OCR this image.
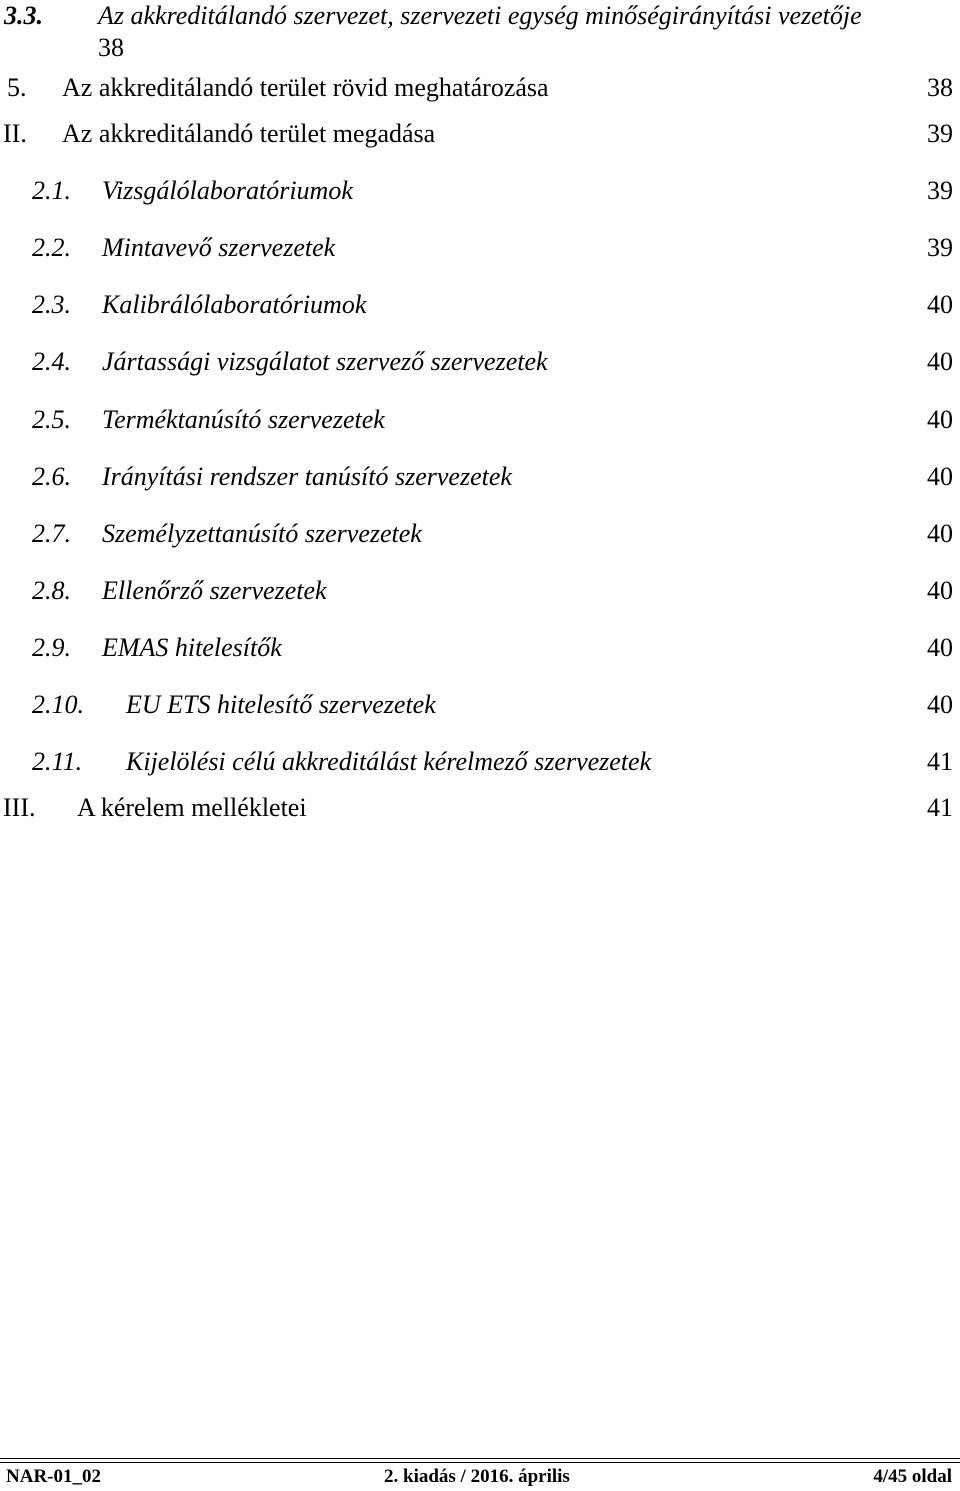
3.3. Az akkreditálandó szervezet, szervezeti egység minőségirányítási vezetője
38
5. Az akkreditálandó terület rövid meghatározása	38
II. Az akkreditálandó terület megadása	39
2.1. Vizsgálólaboratóriumok	39
2.2. Mintavevő szervezetek	39
2.3. Kalibrálólaboratóriumok	40
2.4. Jártassági vizsgálatot szervező szervezetek	40
2.5. Terméktanúsító szervezetek	40
2.6. Irányítási rendszer tanúsító szervezetek	40
2.7. Személyzettanúsító szervezetek	40
2.8. Ellenőrző szervezetek	40
2.9. EMAS hitelesítők	40
2.10. EU ETS hitelesítő szervezetek	40
2.11. Kijelölési célú akkreditálást kérelmező szervezetek	41
III. A kérelem mellékletei	41
NAR-01_02	2. kiadás / 2016. április	4/45 oldal
